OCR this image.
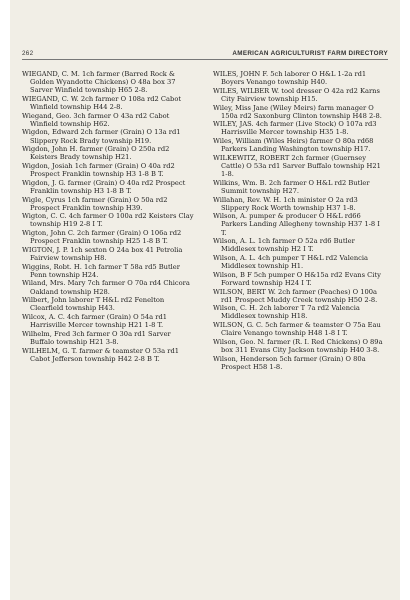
262	AMERICAN AGRICULTURIST FARM DIRECTORY
WIEGAND, C. M. 1ch farmer (Barred Rock & Golden Wyandotte Chickens) O 48a box 37 Sarver Winfield township H65 2-8.
WIEGAND, C. W. 2ch farmer O 108a rd2 Cabot Winfield township H44 2-8.
Wiegand, Geo. 3ch farmer O 43a rd2 Cabot Winfield township H62.
Wigdon, Edward 2ch farmer (Grain) O 13a rd1 Slippery Rock Brady township H19.
Wigdon, John H. farmer (Grain) O 250a rd2 Keisters Brady township H21.
Wigdon, Josiah 1ch farmer (Grain) O 40a rd2 Prospect Franklin township H3 1-8 B T.
Wigdon, J. G. farmer (Grain) O 40a rd2 Prospect Franklin township H3 1-8 B T.
Wigle, Cyrus 1ch farmer (Grain) O 50a rd2 Prospect Franklin township H39.
Wigton, C. C. 4ch farmer O 100a rd2 Keisters Clay township H19 2-8 I T.
Wigton, John C. 2ch farmer (Grain) O 106a rd2 Prospect Franklin township H25 1-8 B T.
WIGTON, J. P. 1ch sexton O 24a box 41 Petrolia Fairview township H8.
Wiggins, Robt. H. 1ch farmer T 58a rd5 Butler Penn township H24.
Wiland, Mrs. Mary 7ch farmer O 70a rd4 Chicora Oakland township H28.
Wilbert, John laborer T H&L rd2 Fenelton Clearfield township H43.
Wilcox, A. C. 4ch farmer (Grain) O 54a rd1 Harrisville Mercer township H21 1-8 T.
Wilhelm, Fred 3ch farmer O 30a rd1 Sarver Buffalo township H21 3-8.
WILHELM, G. T. farmer & teamster O 53a rd1 Cabot Jefferson township H42 2-8 B T.
WILES, JOHN F. 5ch laborer O H&L 1-2a rd1 Boyers Venango township H40.
WILES, WILBER W. tool dresser O 42a rd2 Karns City Fairview township H15.
Wiley, Miss Jane (Wiley Meirs) farm manager O 150a rd2 Saxonburg Clinton township H48 2-8.
WILEY, JAS. 4ch farmer (Live Stock) O 107a rd3 Harrisville Mercer township H35 1-8.
Wiles, William (Wiles Heirs) farmer O 80a rd68 Parkers Landing Washington township H17.
WILKEWITZ, ROBERT 2ch farmer (Guernsey Cattle) O 53a rd1 Sarver Buffalo township H21 1-8.
Wilkins, Wm. B. 2ch farmer O H&L rd2 Butler Summit township H27.
Willahan, Rev. W. H. 1ch minister O 2a rd3 Slippery Rock Worth township H37 1-8.
Wilson, A. pumper & producer O H&L rd66 Parkers Landing Allegheny township H37 1-8 I T.
Wilson, A. L. 1ch farmer O 52a rd6 Butler Middlesex township H2 I T.
Wilson, A. L. 4ch pumper T H&L rd2 Valencia Middlesex township H1.
Wilson, B F 5ch pumper O H&15a rd2 Evans City Forward township H24 I T.
WILSON, BERT W. 2ch farmer (Peaches) O 100a rd1 Prospect Muddy Creek township H50 2-8.
Wilson, C. H. 2ch laborer T 7a rd2 Valencia Middlesex township H18.
WILSON, G. C. 5ch farmer & teamster O 75a Eau Claire Venango township H48 1-8 I T.
Wilson, Geo. N. farmer (R. I. Red Chickens) O 89a box 311 Evans City Jackson township H40 3-8.
Wilson, Henderson 5ch farmer (Grain) O 80a Prospect H58 1-8.
